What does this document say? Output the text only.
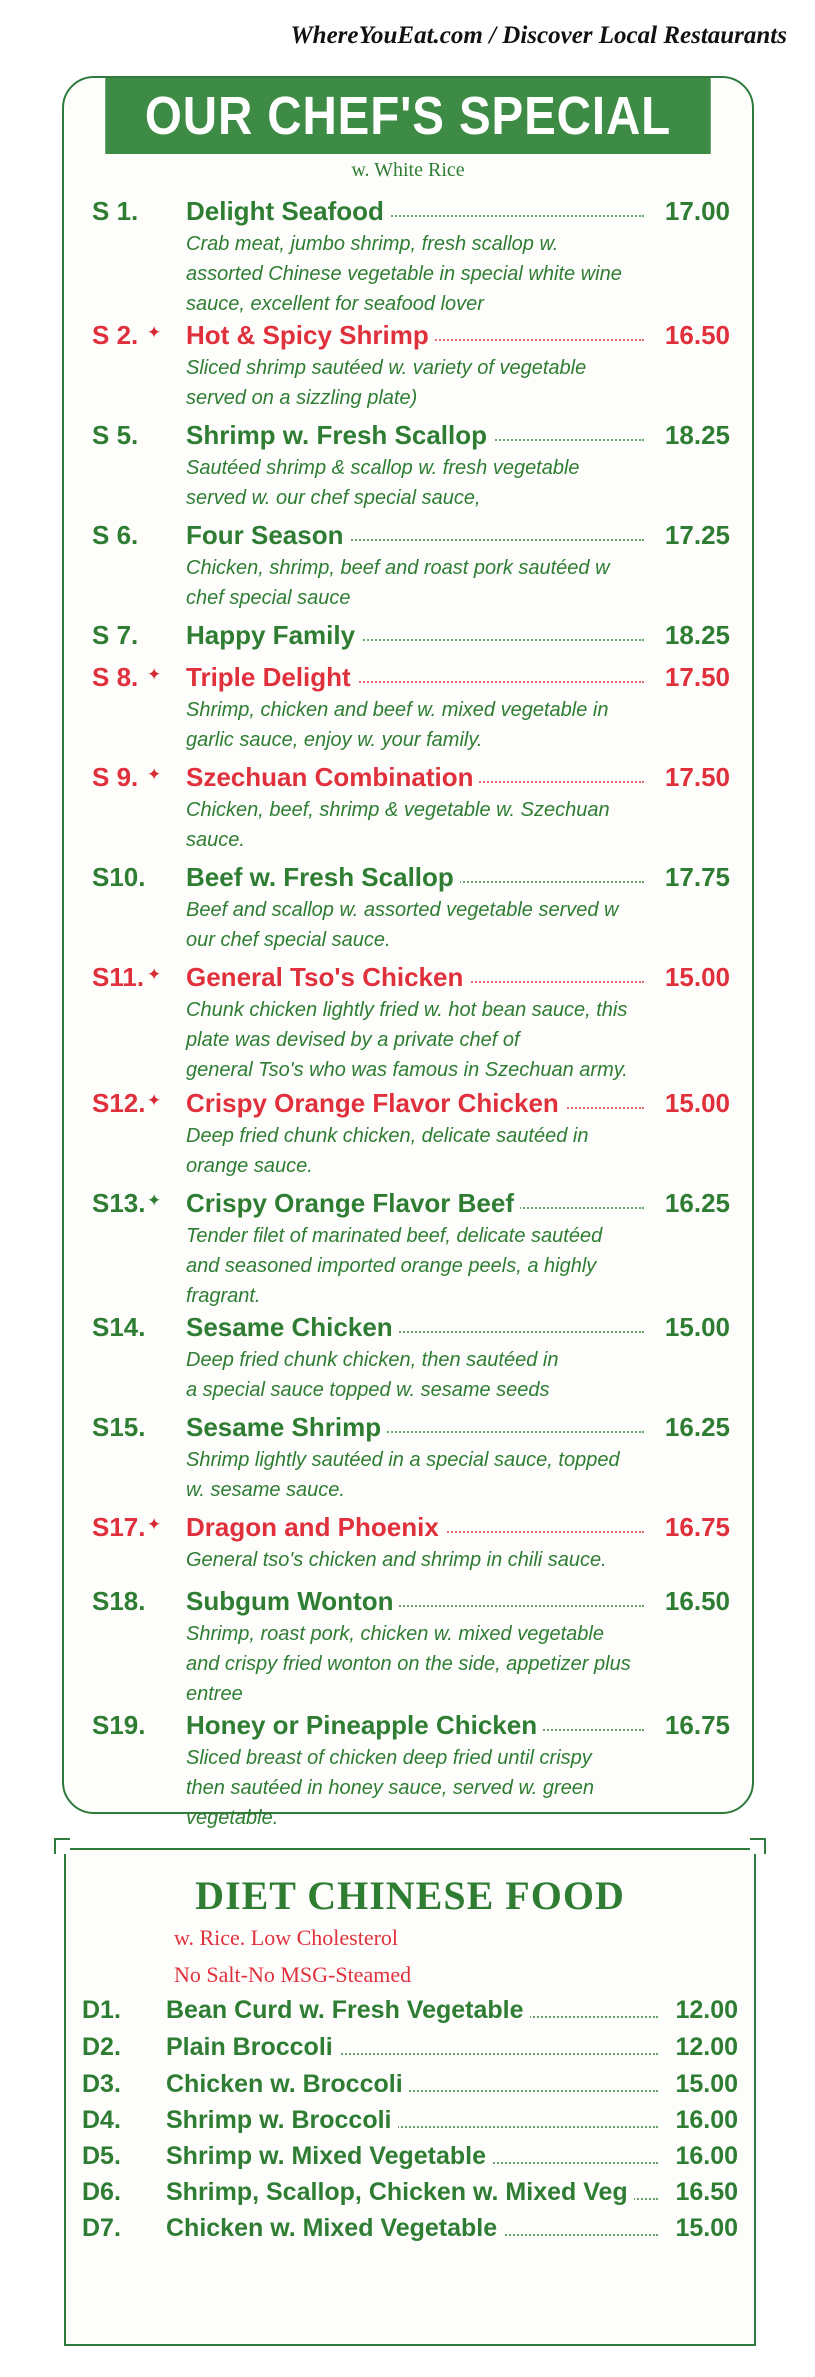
WhereYouEat.com / Discover Local Restaurants
OUR CHEF'S SPECIAL
w. White Rice
S 1. Delight Seafood	17.00
Crab meat, jumbo shrimp, fresh scallop w.
assorted Chinese vegetable in special white wine
sauce, excellent for seafood lover
S 2. ✦ Hot & Spicy Shrimp	16.50
Sliced shrimp sautéed w. variety of vegetable
served on a sizzling plate)
S 5. Shrimp w. Fresh Scallop	18.25
Sautéed shrimp & scallop w. fresh vegetable
served w. our chef special sauce,
S 6. Four Season	17.25
Chicken, shrimp, beef and roast pork sautéed w
chef special sauce
S 7. Happy Family	18.25
S 8. ✦ Triple Delight	17.50
Shrimp, chicken and beef w. mixed vegetable in
garlic sauce, enjoy w. your family.
S 9. ✦ Szechuan Combination	17.50
Chicken, beef, shrimp & vegetable w. Szechuan
sauce.
S10. Beef w. Fresh Scallop	17.75
Beef and scallop w. assorted vegetable served w
our chef special sauce.
S11. ✦ General Tso's Chicken	15.00
Chunk chicken lightly fried w. hot bean sauce, this
plate was devised by a private chef of
general Tso's who was famous in Szechuan army.
S12. ✦ Crispy Orange Flavor Chicken	15.00
Deep fried chunk chicken, delicate sautéed in
orange sauce.
S13. ✦ Crispy Orange Flavor Beef	16.25
Tender filet of marinated beef, delicate sautéed
and seasoned imported orange peels, a highly
fragrant.
S14. Sesame Chicken	15.00
Deep fried chunk chicken, then sautéed in
a special sauce topped w. sesame seeds
S15. Sesame Shrimp	16.25
Shrimp lightly sautéed in a special sauce, topped
w. sesame sauce.
S17. ✦ Dragon and Phoenix	16.75
General tso's chicken and shrimp in chili sauce.
S18. Subgum Wonton	16.50
Shrimp, roast pork, chicken w. mixed vegetable
and crispy fried wonton on the side, appetizer plus
entree
S19. Honey or Pineapple Chicken	16.75
Sliced breast of chicken deep fried until crispy
then sautéed in honey sauce, served w. green
vegetable.
DIET CHINESE FOOD
w. Rice. Low Cholesterol
No Salt-No MSG-Steamed
D1. Bean Curd w. Fresh Vegetable	12.00
D2. Plain Broccoli	12.00
D3. Chicken w. Broccoli	15.00
D4. Shrimp w. Broccoli	16.00
D5. Shrimp w. Mixed Vegetable	16.00
D6. Shrimp, Scallop, Chicken w. Mixed Veg 16.50
D7. Chicken w. Mixed Vegetable	15.00
